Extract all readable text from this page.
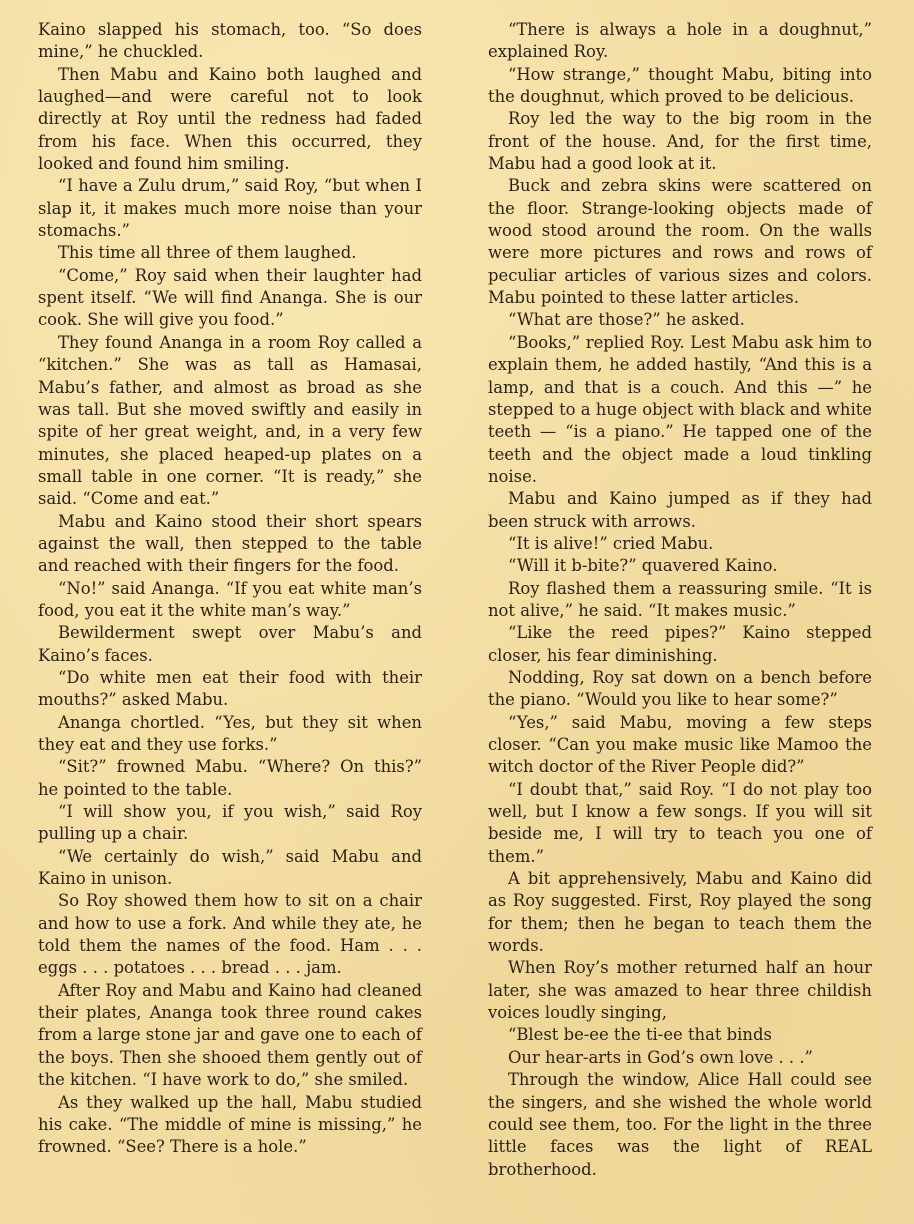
Kaino slapped his stomach, too. “So does mine,” he chuckled.

Then Mabu and Kaino both laughed and laughed—and were careful not to look directly at Roy until the redness had faded from his face. When this occurred, they looked and found him smiling.

“I have a Zulu drum,” said Roy, “but when I slap it, it makes much more noise than your stomachs.”

This time all three of them laughed.

“Come,” Roy said when their laughter had spent itself. “We will find Ananga. She is our cook. She will give you food.”

They found Ananga in a room Roy called a “kitchen.” She was as tall as Hamasai, Mabu’s father, and almost as broad as she was tall. But she moved swiftly and easily in spite of her great weight, and, in a very few minutes, she placed heaped-up plates on a small table in one corner. “It is ready,” she said. “Come and eat.”

Mabu and Kaino stood their short spears against the wall, then stepped to the table and reached with their fingers for the food.

“No!” said Ananga. “If you eat white man’s food, you eat it the white man’s way.”

Bewilderment swept over Mabu’s and Kaino’s faces.

“Do white men eat their food with their mouths?” asked Mabu.

Ananga chortled. “Yes, but they sit when they eat and they use forks.”

“Sit?” frowned Mabu. “Where? On this?” he pointed to the table.

“I will show you, if you wish,” said Roy pulling up a chair.

“We certainly do wish,” said Mabu and Kaino in unison.

So Roy showed them how to sit on a chair and how to use a fork. And while they ate, he told them the names of the food. Ham . . . eggs . . . potatoes . . . bread . . . jam.

After Roy and Mabu and Kaino had cleaned their plates, Ananga took three round cakes from a large stone jar and gave one to each of the boys. Then she shooed them gently out of the kitchen. “I have work to do,” she smiled.

As they walked up the hall, Mabu studied his cake. “The middle of mine is missing,” he frowned. “See? There is a hole.”

“There is always a hole in a doughnut,” explained Roy.

“How strange,” thought Mabu, biting into the doughnut, which proved to be delicious.

Roy led the way to the big room in the front of the house. And, for the first time, Mabu had a good look at it.

Buck and zebra skins were scattered on the floor. Strange-looking objects made of wood stood around the room. On the walls were more pictures and rows and rows of peculiar articles of various sizes and colors. Mabu pointed to these latter articles.

“What are those?” he asked.

“Books,” replied Roy. Lest Mabu ask him to explain them, he added hastily, “And this is a lamp, and that is a couch. And this —” he stepped to a huge object with black and white teeth — “is a piano.” He tapped one of the teeth and the object made a loud tinkling noise.

Mabu and Kaino jumped as if they had been struck with arrows.

“It is alive!” cried Mabu.

“Will it b-bite?” quavered Kaino.

Roy flashed them a reassuring smile. “It is not alive,” he said. “It makes music.”

“Like the reed pipes?” Kaino stepped closer, his fear diminishing.

Nodding, Roy sat down on a bench before the piano. “Would you like to hear some?”

“Yes,” said Mabu, moving a few steps closer. “Can you make music like Mamoo the witch doctor of the River People did?”

“I doubt that,” said Roy. “I do not play too well, but I know a few songs. If you will sit beside me, I will try to teach you one of them.”

A bit apprehensively, Mabu and Kaino did as Roy suggested. First, Roy played the song for them; then he began to teach them the words.

When Roy’s mother returned half an hour later, she was amazed to hear three childish voices loudly singing,

“Blest be-ee the ti-ee that binds

Our hear-arts in God’s own love . . .”

Through the window, Alice Hall could see the singers, and she wished the whole world could see them, too. For the light in the three little faces was the light of REAL brotherhood.
